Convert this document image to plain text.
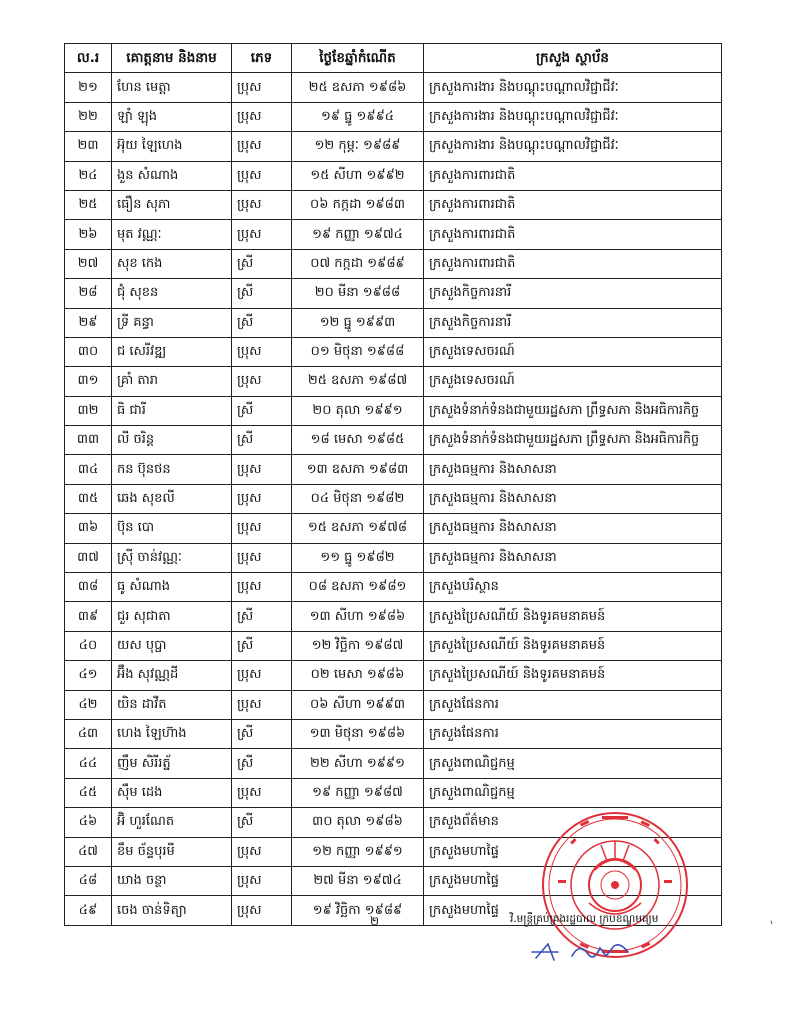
ល.រ	គោត្តនាម និងនាម	ភេទ	ថ្ងៃខែឆ្នាំកំណើត	ក្រសួង ស្ថាប័ន
២១	ហែន មេត្តា	ប្រុស	២៥ ឧសភា ១៩៨៦	ក្រសួងការងារ និងបណ្តុះបណ្តាលវិជ្ជាជីវៈ
២២	ឡាំ ឡុង	ប្រុស	១៩ ធ្នូ ១៩៩៤	ក្រសួងការងារ និងបណ្តុះបណ្តាលវិជ្ជាជីវៈ
២៣	អ៊ុយ ឡៃហេង	ប្រុស	១២ កុម្ភៈ ១៩៨៩	ក្រសួងការងារ និងបណ្តុះបណ្តាលវិជ្ជាជីវៈ
២៤	ងួន សំណាង	ប្រុស	១៥ សីហា ១៩៩២	ក្រសួងការពារជាតិ
២៥	ធឿន សុភា	ប្រុស	០៦ កក្កដា ១៩៨៣	ក្រសួងការពារជាតិ
២៦	មុត វណ្ណៈ	ប្រុស	១៩ កញ្ញា ១៩៧៤	ក្រសួងការពារជាតិ
២៧	សុខ កេង	ស្រី	០៧ កក្កដា ១៩៨៩	ក្រសួងការពារជាតិ
២៨	ជុំ សុខន	ស្រី	២០ មីនា ១៩៨៨	ក្រសួងកិច្ចការនារី
២៩	ទ្រី គន្ធា	ស្រី	១២ ធ្នូ ១៩៩៣	ក្រសួងកិច្ចការនារី
៣០	ជ សេរីវឌ្ឍ	ប្រុស	០១ មិថុនា ១៩៨៨	ក្រសួងទេសចរណ៍
៣១	គ្រាំ តារា	ប្រុស	២៥ ឧសភា ១៩៨៧	ក្រសួងទេសចរណ៍
៣២	ធិ ជារី	ស្រី	២០ តុលា ១៩៩១	ក្រសួងទំនាក់ទំនងជាមួយរដ្ឋសភា ព្រឹទ្ធសភា និងអធិការកិច្ច
៣៣	លី ចរិន្ត	ស្រី	១៨ មេសា ១៩៨៥	ក្រសួងទំនាក់ទំនងជាមួយរដ្ឋសភា ព្រឹទ្ធសភា និងអធិការកិច្ច
៣៤	កន ប៊ុនថន	ប្រុស	១៣ ឧសភា ១៩៨៣	ក្រសួងធម្មការ និងសាសនា
៣៥	ឆេង សុខលី	ប្រុស	០៤ មិថុនា ១៩៨២	ក្រសួងធម្មការ និងសាសនា
៣៦	ប៊ុន បោ	ប្រុស	១៥ ឧសភា ១៩៧៨	ក្រសួងធម្មការ និងសាសនា
៣៧	ស៊្រី ចាន់វណ្ណៈ	ប្រុស	១១ ធ្នូ ១៩៨២	ក្រសួងធម្មការ និងសាសនា
៣៨	ធូ សំណាង	ប្រុស	០៨ ឧសភា ១៩៨១	ក្រសួងបរិស្ថាន
៣៩	ជួរ សុជាតា	ស្រី	១៣ សីហា ១៩៨៦	ក្រសួងប្រៃសណីយ៍ និងទូរគមនាគមន៍
៤០	យស បុប្ផា	ស្រី	១២ វិច្ឆិកា ១៩៨៧	ក្រសួងប្រៃសណីយ៍ និងទូរគមនាគមន៍
៤១	អ៊ឹង សុវណ្ណដី	ប្រុស	០២ មេសា ១៩៨៦	ក្រសួងប្រៃសណីយ៍ និងទូរគមនាគមន៍
៤២	យិន ដាវីត	ប្រុស	០៦ សីហា ១៩៩៣	ក្រសួងផែនការ
៤៣	ហេង ឡៃហ៊ាង	ស្រី	១៣ មិថុនា ១៩៨៦	ក្រសួងផែនការ
៤៤	ញឹម សិរីរត្ន័	ស្រី	២២ សីហា ១៩៩១	ក្រសួងពាណិជ្ជកម្ម
៤៥	ស៊ឹម ដេង	ប្រុស	១៩ កញ្ញា ១៩៨៧	ក្រសួងពាណិជ្ជកម្ម
៤៦	អ៊ិ ហួរណែត	ស្រី	៣០ តុលា ១៩៨៦	ក្រសួងព័ត៌មាន
៤៧	ខឹម ច័ន្ទបុរមី	ប្រុស	១២ កញ្ញា ១៩៩១	ក្រសួងមហាផ្ទៃ
៤៨	ឃាង ចន្ថា	ប្រុស	២៧ មីនា ១៩៧៤	ក្រសួងមហាផ្ទៃ
៤៩	ចេង ចាន់ទិត្យា	ប្រុស	១៩ វិច្ឆិកា ១៩៨៩	ក្រសួងមហាផ្ទៃ
២	វិ.មន្ត្រីគ្រប់គ្រងរដ្ឋបាល ក្របខណ្ឌមធ្យម	៶
